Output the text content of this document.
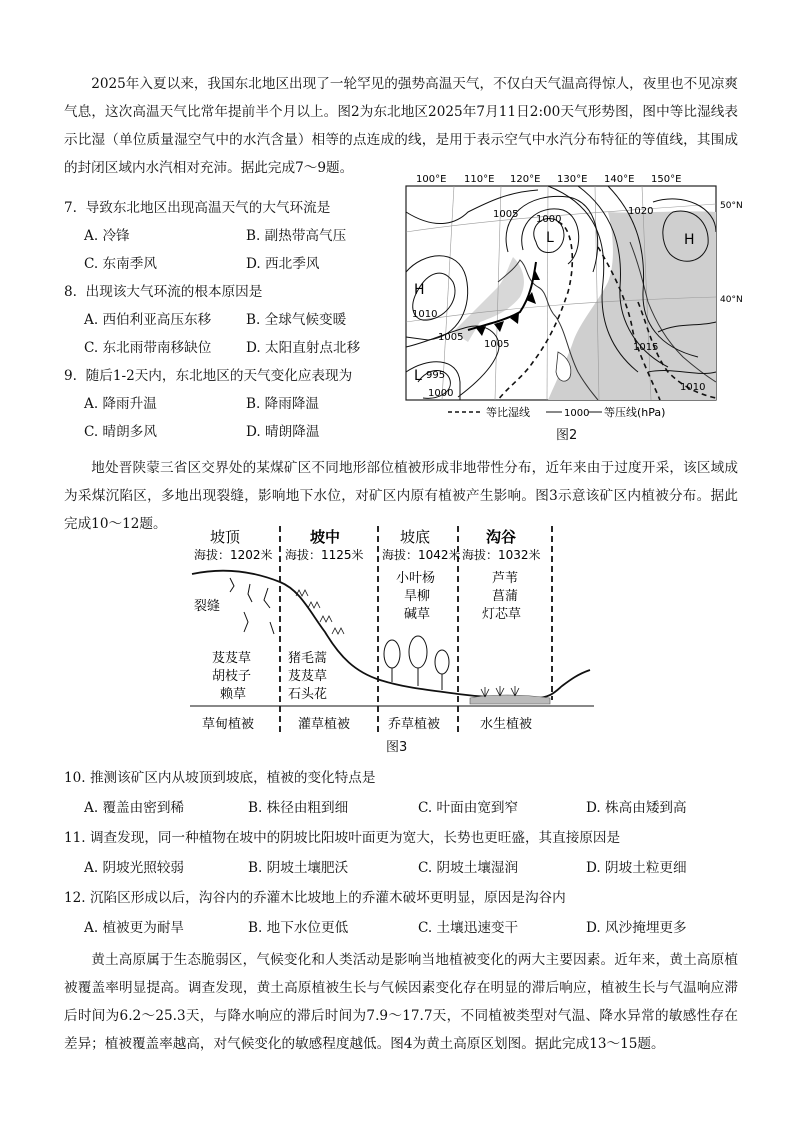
2025年入夏以来，我国东北地区出现了一轮罕见的强势高温天气，不仅白天气温高得惊人，夜里也不见凉爽气息，这次高温天气比常年提前半个月以上。图2为东北地区2025年7月11日2:00天气形势图，图中等比湿线表示比湿（单位质量湿空气中的水汽含量）相等的点连成的线，是用于表示空气中水汽分布特征的等值线，其围成的封闭区域内水汽相对充沛。据此完成7～9题。
7. 导致东北地区出现高温天气的大气环流是
A. 冷锋	B. 副热带高气压
C. 东南季风	D. 西北季风
8. 出现该大气环流的根本原因是
A. 西伯利亚高压东移	B. 全球气候变暖
C. 东北雨带南移缺位	D. 太阳直射点北移
9. 随后1-2天内，东北地区的天气变化应表现为
A. 降雨升温	B. 降雨降温
C. 晴朗多风	D. 晴朗降温
100°E 110°E 120°E 130°E 140°E 150°E
1005 1000
1020
1010
1005
1005	1015
995
1000
1010
H
H
L
L
50°N
40°N
等比湿线	1000 等压线(hPa)
图2
地处晋陕蒙三省区交界处的某煤矿区不同地形部位植被形成非地带性分布，近年来由于过度开采，该区域成为采煤沉陷区，多地出现裂缝，影响地下水位，对矿区内原有植被产生影响。图3示意该矿区内植被分布。据此完成10～12题。
坡顶	坡中	坡底	沟谷
海拔：1202米 海拔：1125米 海拔：1042米 海拔：1032米
裂缝
芨芨草
胡枝子
赖草
猪毛蒿
芨芨草
石头花
小叶杨
旱柳
碱草
芦苇
菖蒲
灯芯草
草甸植被	灌草植被	乔草植被	水生植被
图3
10. 推测该矿区内从坡顶到坡底，植被的变化特点是
A. 覆盖由密到稀	B. 株径由粗到细	C. 叶面由宽到窄	D. 株高由矮到高
11. 调查发现，同一种植物在坡中的阴坡比阳坡叶面更为宽大，长势也更旺盛，其直接原因是
A. 阴坡光照较弱	B. 阴坡土壤肥沃	C. 阴坡土壤湿润	D. 阴坡土粒更细
12. 沉陷区形成以后，沟谷内的乔灌木比坡地上的乔灌木破坏更明显，原因是沟谷内
A. 植被更为耐旱	B. 地下水位更低	C. 土壤迅速变干	D. 风沙掩埋更多
黄土高原属于生态脆弱区，气候变化和人类活动是影响当地植被变化的两大主要因素。近年来，黄土高原植被覆盖率明显提高。调查发现，黄土高原植被生长与气候因素变化存在明显的滞后响应，植被生长与气温响应滞后时间为6.2～25.3天，与降水响应的滞后时间为7.9～17.7天，不同植被类型对气温、降水异常的敏感性存在差异；植被覆盖率越高，对气候变化的敏感程度越低。图4为黄土高原区划图。据此完成13～15题。
